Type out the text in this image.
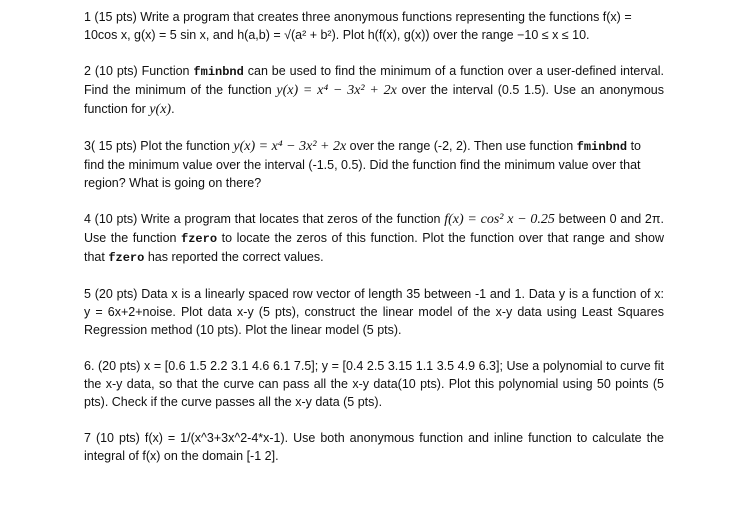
1 (15 pts) Write a program that creates three anonymous functions representing the functions f(x) = 10cos x, g(x) = 5 sin x, and h(a,b) = √(a² + b²). Plot h(f(x), g(x)) over the range −10 ≤ x ≤ 10.

2 (10 pts) Function fminbnd can be used to find the minimum of a function over a user-defined interval. Find the minimum of the function y(x) = x⁴ − 3x² + 2x over the interval (0.5 1.5). Use an anonymous function for y(x).

3( 15 pts) Plot the function y(x) = x⁴ − 3x² + 2x over the range (-2, 2). Then use function fminbnd to find the minimum value over the interval (-1.5, 0.5). Did the function find the minimum value over that region? What is going on there?

4 (10 pts) Write a program that locates that zeros of the function f(x) = cos² x − 0.25 between 0 and 2π. Use the function fzero to locate the zeros of this function. Plot the function over that range and show that fzero has reported the correct values.

5 (20 pts) Data x is a linearly spaced row vector of length 35 between -1 and 1. Data y is a function of x: y = 6x+2+noise. Plot data x-y (5 pts), construct the linear model of the x-y data using Least Squares Regression method (10 pts). Plot the linear model (5 pts).

6. (20 pts) x = [0.6 1.5 2.2 3.1 4.6 6.1 7.5]; y = [0.4 2.5 3.15 1.1 3.5 4.9 6.3]; Use a polynomial to curve fit the x-y data, so that the curve can pass all the x-y data(10 pts). Plot this polynomial using 50 points (5 pts). Check if the curve passes all the x-y data (5 pts).

7 (10 pts) f(x) = 1/(x^3+3x^2-4*x-1). Use both anonymous function and inline function to calculate the integral of f(x) on the domain [-1 2].
